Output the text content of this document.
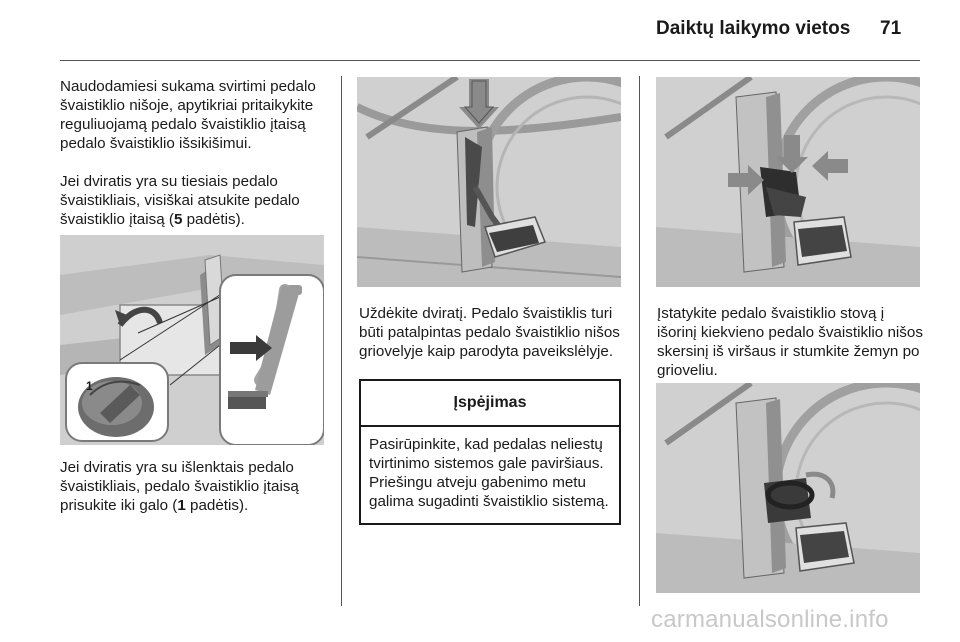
Daiktų laikymo vietos 71

Naudodamiesi sukama svirtimi pedalo švaistiklio nišoje, apytikriai pritaikykite reguliuojamą pedalo švaistiklio įtaisą pedalo švaistiklio išsikišimui.

Jei dviratis yra su tiesiais pedalo švaistikliais, visiškai atsukite pedalo švaistiklio įtaisą (5 padėtis).

1

Jei dviratis yra su išlenktais pedalo švaistikliais, pedalo švaistiklio įtaisą prisukite iki galo (1 padėtis).

Uždėkite dviratį. Pedalo švaistiklis turi būti patalpintas pedalo švaistiklio nišos griovelyje kaip parodyta paveikslėlyje.

Įspėjimas

Pasirūpinkite, kad pedalas neliestų tvirtinimo sistemos gale paviršiaus. Priešingu atveju gabenimo metu galima sugadinti švaistiklio sistemą.

Įstatykite pedalo švaistiklio stovą į išorinį kiekvieno pedalo švaistiklio nišos skersinį iš viršaus ir stumkite žemyn po grioveliu.

carmanualsonline.info
